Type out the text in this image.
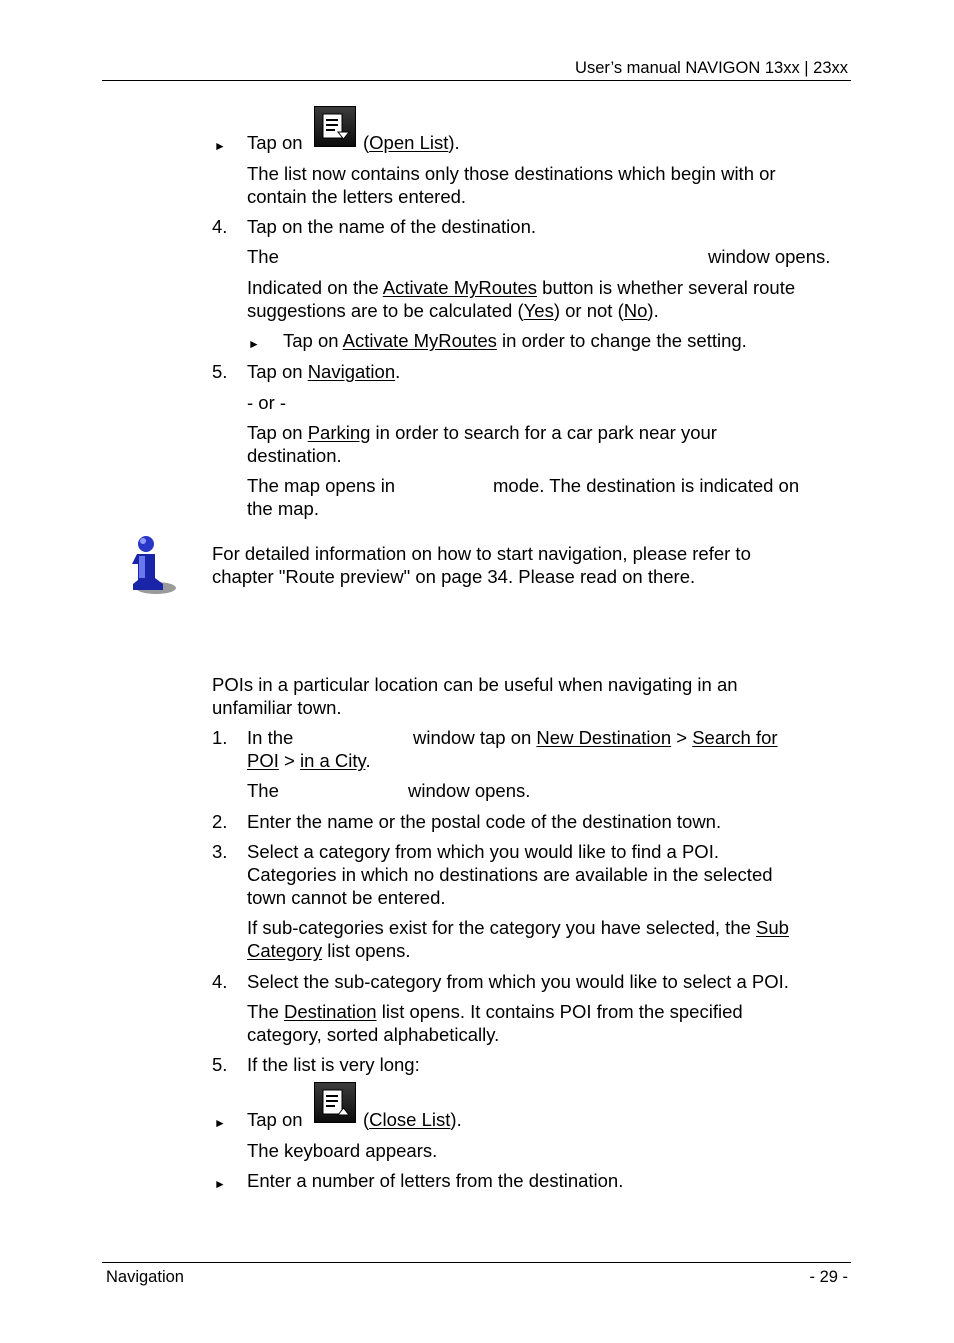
User’s manual NAVIGON 13xx | 23xx
► Tap on	(Open List).
The list now contains only those destinations which begin with or
contain the letters entered.
4.	Tap on the name of the destination.
The	window opens.
Indicated on the Activate MyRoutes button is whether several route
suggestions are to be calculated (Yes) or not (No).
► Tap on Activate MyRoutes in order to change the setting.
5.	Tap on Navigation.
- or -
Tap on Parking in order to search for a car park near your
destination.
The map opens in	mode. The destination is indicated on
the map.
For detailed information on how to start navigation, please refer to
chapter "Route preview" on page 34. Please read on there.
POIs in a particular location can be useful when navigating in an
unfamiliar town.
1.	In the	window tap on New Destination > Search for
POI > in a City.
The	window opens.
2.	Enter the name or the postal code of the destination town.
3.	Select a category from which you would like to find a POI.
Categories in which no destinations are available in the selected
town cannot be entered.
If sub-categories exist for the category you have selected, the Sub
Category list opens.
4.	Select the sub-category from which you would like to select a POI.
The Destination list opens. It contains POI from the specified
category, sorted alphabetically.
5.	If the list is very long:
► Tap on	(Close List).
The keyboard appears.
► Enter a number of letters from the destination.
Navigation	- 29 -
